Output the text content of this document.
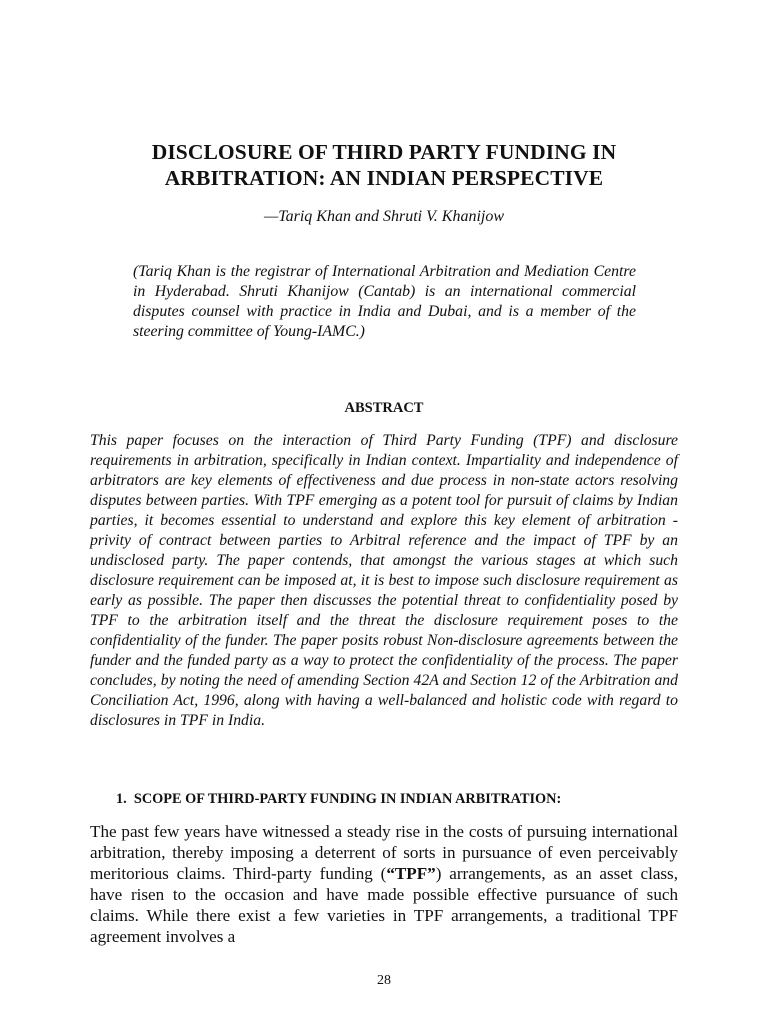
DISCLOSURE OF THIRD PARTY FUNDING IN ARBITRATION: AN INDIAN PERSPECTIVE
—Tariq Khan and Shruti V. Khanijow

(Tariq Khan is the registrar of International Arbitration and Mediation Centre in Hyderabad. Shruti Khanijow (Cantab) is an international commercial disputes counsel with practice in India and Dubai, and is a member of the steering committee of Young-IAMC.)

ABSTRACT

This paper focuses on the interaction of Third Party Funding (TPF) and disclosure requirements in arbitration, specifically in Indian context. Impartiality and independence of arbitrators are key elements of effectiveness and due process in non-state actors resolving disputes between parties. With TPF emerging as a potent tool for pursuit of claims by Indian parties, it becomes essential to understand and explore this key element of arbitration - privity of contract between parties to Arbitral reference and the impact of TPF by an undisclosed party. The paper contends, that amongst the various stages at which such disclosure requirement can be imposed at, it is best to impose such disclosure requirement as early as possible. The paper then discusses the potential threat to confidentiality posed by TPF to the arbitration itself and the threat the disclosure requirement poses to the confidentiality of the funder. The paper posits robust Non-disclosure agreements between the funder and the funded party as a way to protect the confidentiality of the process. The paper concludes, by noting the need of amending Section 42A and Section 12 of the Arbitration and Conciliation Act, 1996, along with having a well-balanced and holistic code with regard to disclosures in TPF in India.

1.  SCOPE OF THIRD-PARTY FUNDING IN INDIAN ARBITRATION:

The past few years have witnessed a steady rise in the costs of pursuing international arbitration, thereby imposing a deterrent of sorts in pursuance of even perceivably meritorious claims. Third-party funding (“TPF”) arrangements, as an asset class, have risen to the occasion and have made possible effective pursuance of such claims. While there exist a few varieties in TPF arrangements, a traditional TPF agreement involves a

28
